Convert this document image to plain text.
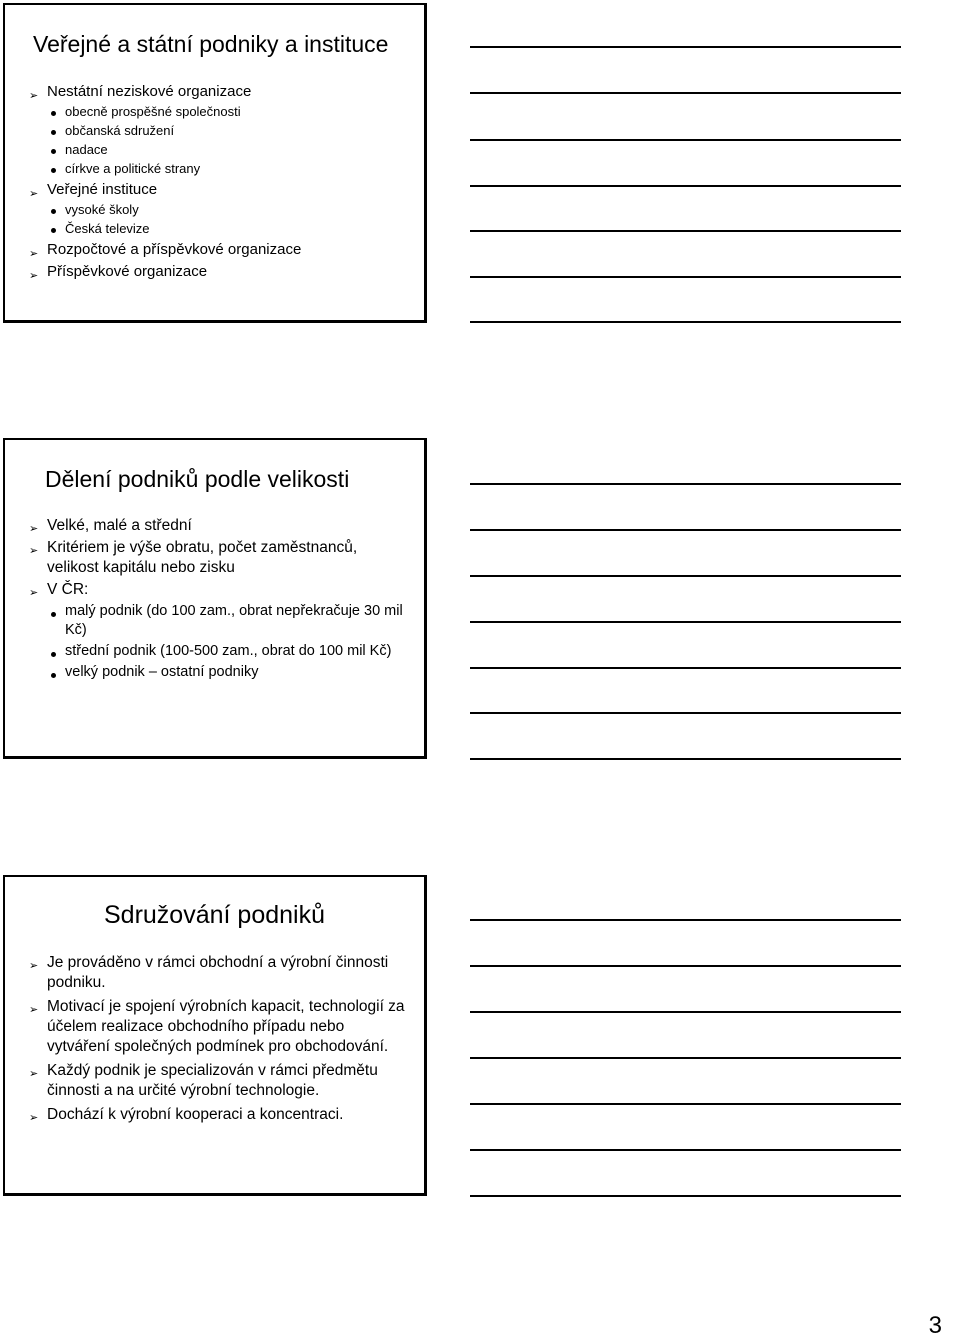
Veřejné a státní podniky a instituce
➢ Nestátní neziskové organizace
obecně prospěšné společnosti
občanská sdružení
nadace
církve a politické strany
➢ Veřejné instituce
vysoké školy
Česká televize
➢ Rozpočtové a příspěvkové organizace
➢ Příspěvkové organizace
Dělení podniků podle velikosti
➢ Velké, malé a střední
➢ Kritériem je výše obratu, počet zaměstnanců, velikost kapitálu nebo zisku
➢ V ČR:
malý podnik (do 100 zam., obrat nepřekračuje 30 mil Kč)
střední podnik (100-500 zam., obrat do 100 mil Kč)
velký podnik – ostatní podniky
Sdružování podniků
➢ Je prováděno v rámci obchodní a výrobní činnosti podniku.
➢ Motivací je spojení výrobních kapacit, technologií za účelem realizace obchodního případu nebo vytváření společných podmínek pro obchodování.
➢ Každý podnik je specializován v rámci předmětu činnosti a na určité výrobní technologie.
➢ Dochází k výrobní kooperaci a koncentraci.
3
